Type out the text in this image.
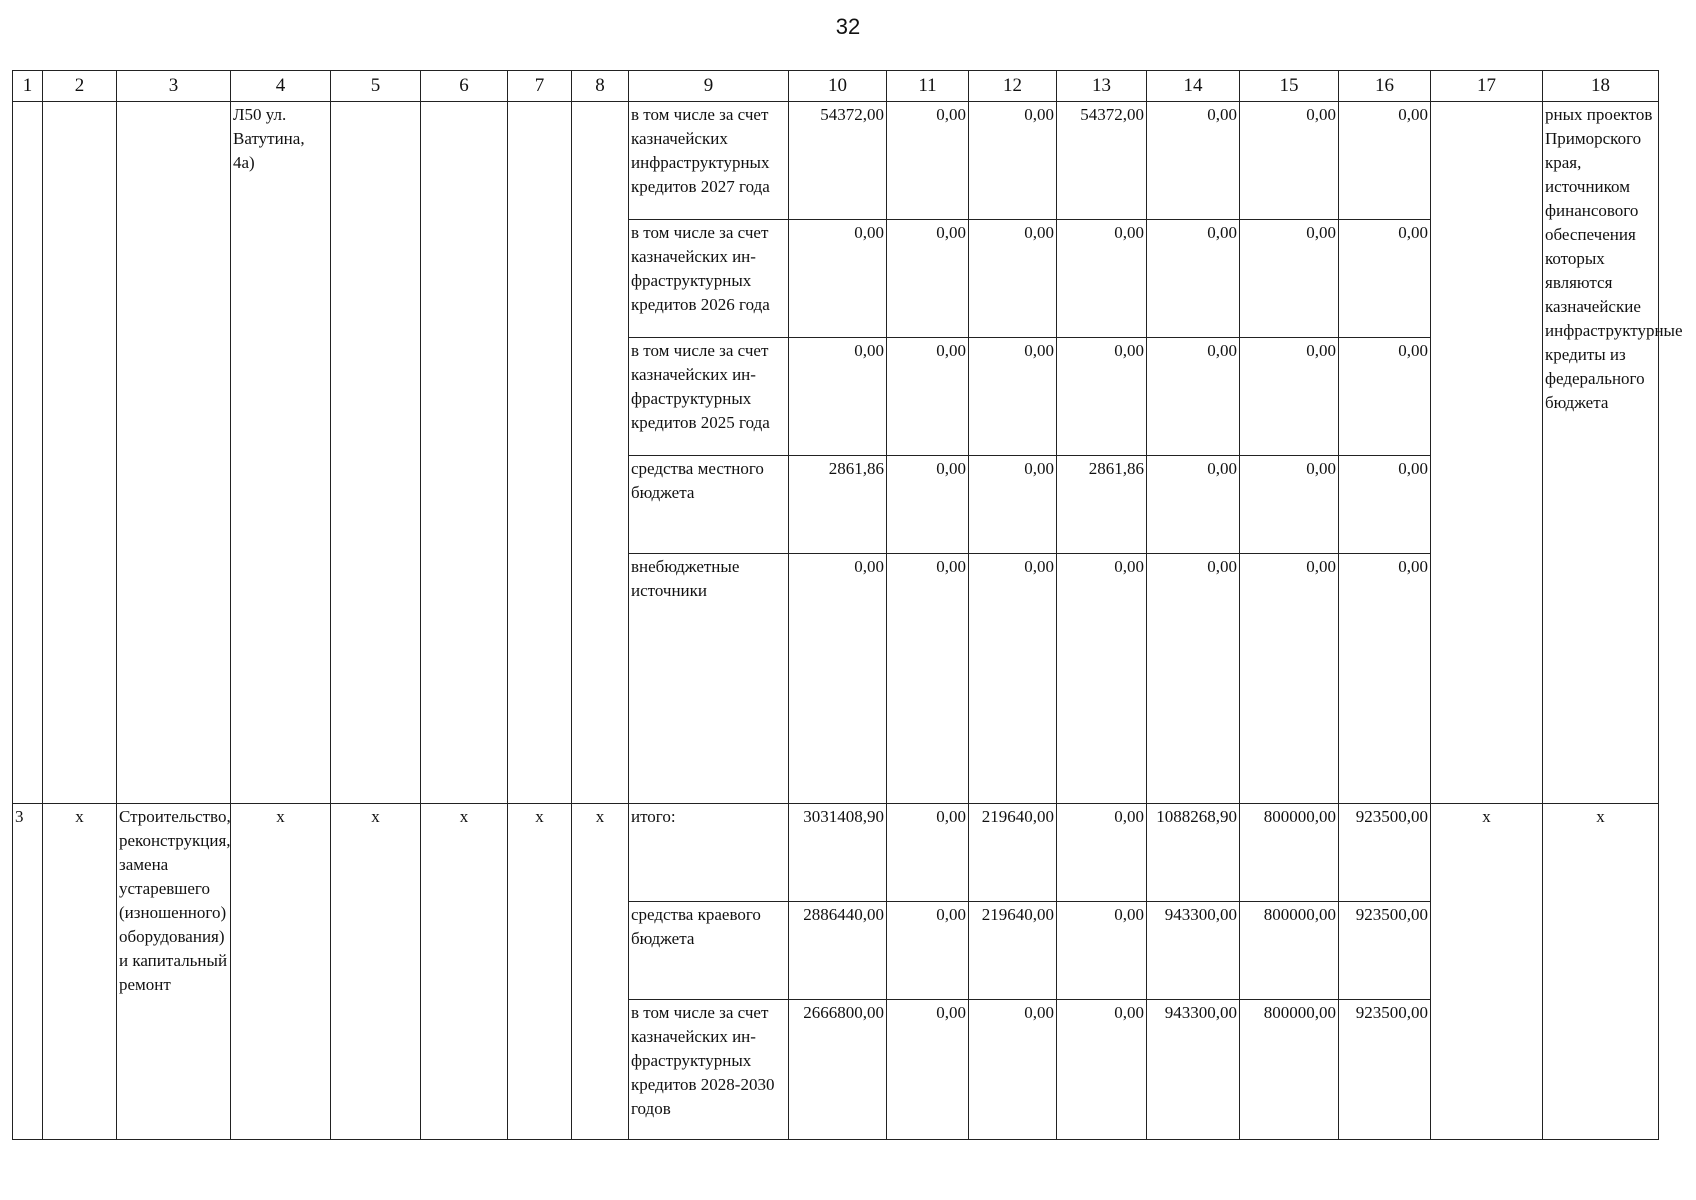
32
1	2	3	4	5	6	7	8	9	10	11	12	13	14	15	16	17	18
			Л50 ул. Ватутина, 4а)					в том числе за счет казначейских инфраструктурных кредитов 2027 года	54372,00	0,00	0,00	54372,00	0,00	0,00	0,00		рных проектов Приморского края, источником финансового обеспечения которых являются казначейские инфраструктурные кредиты из федерального бюджета
								в том числе за счет казначейских ин-фраструктурных кредитов 2026 года	0,00	0,00	0,00	0,00	0,00	0,00	0,00		
								в том числе за счет казначейских ин-фраструктурных кредитов 2025 года	0,00	0,00	0,00	0,00	0,00	0,00	0,00		
								средства местного бюджета	2861,86	0,00	0,00	2861,86	0,00	0,00	0,00		
								внебюджетные источники	0,00	0,00	0,00	0,00	0,00	0,00	0,00		
3	x	Строительство, реконструкция, замена устаревшего (изношенного) оборудования) и капитальный ремонт	x	x	x	x	x	итого:	3031408,90	0,00	219640,00	0,00	1088268,90	800000,00	923500,00	x	x
								средства краевого бюджета	2886440,00	0,00	219640,00	0,00	943300,00	800000,00	923500,00		
								в том числе за счет казначейских ин-фраструктурных кредитов 2028-2030 годов	2666800,00	0,00	0,00	0,00	943300,00	800000,00	923500,00		
